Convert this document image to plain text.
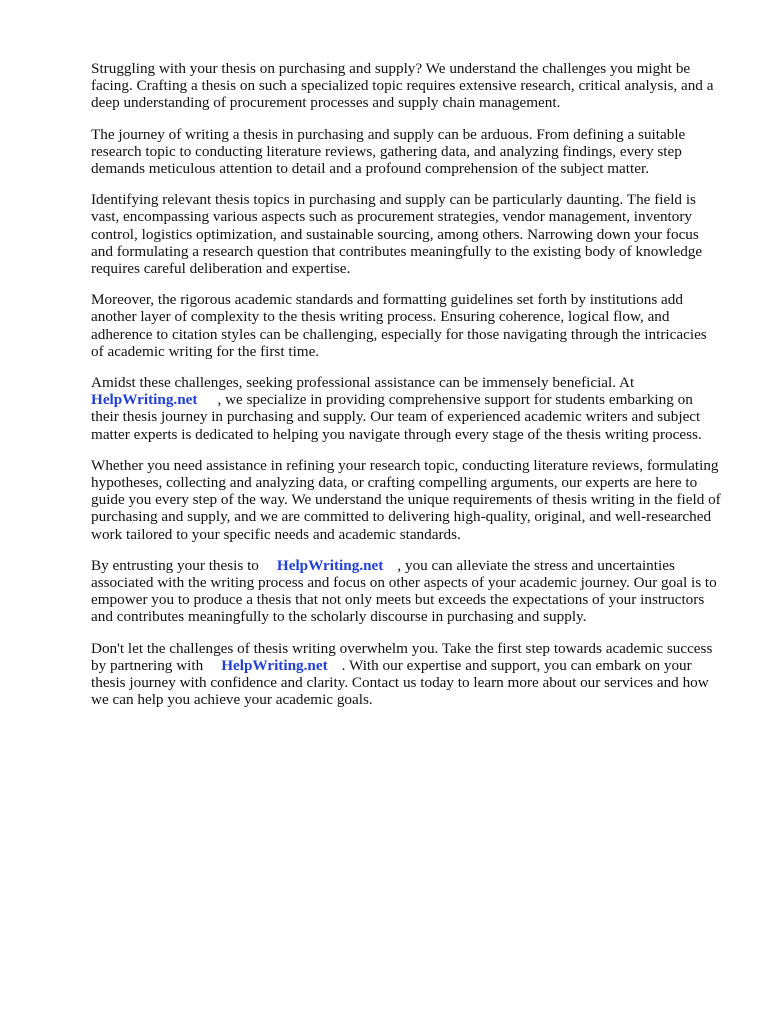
Struggling with your thesis on purchasing and supply? We understand the challenges you might be facing. Crafting a thesis on such a specialized topic requires extensive research, critical analysis, and a deep understanding of procurement processes and supply chain management.

The journey of writing a thesis in purchasing and supply can be arduous. From defining a suitable research topic to conducting literature reviews, gathering data, and analyzing findings, every step demands meticulous attention to detail and a profound comprehension of the subject matter.

Identifying relevant thesis topics in purchasing and supply can be particularly daunting. The field is vast, encompassing various aspects such as procurement strategies, vendor management, inventory control, logistics optimization, and sustainable sourcing, among others. Narrowing down your focus and formulating a research question that contributes meaningfully to the existing body of knowledge requires careful deliberation and expertise.

Moreover, the rigorous academic standards and formatting guidelines set forth by institutions add another layer of complexity to the thesis writing process. Ensuring coherence, logical flow, and adherence to citation styles can be challenging, especially for those navigating through the intricacies of academic writing for the first time.

Amidst these challenges, seeking professional assistance can be immensely beneficial. At
HelpWriting.net , we specialize in providing comprehensive support for students embarking on their thesis journey in purchasing and supply. Our team of experienced academic writers and subject matter experts is dedicated to helping you navigate through every stage of the thesis writing process.

Whether you need assistance in refining your research topic, conducting literature reviews, formulating hypotheses, collecting and analyzing data, or crafting compelling arguments, our experts are here to guide you every step of the way. We understand the unique requirements of thesis writing in the field of purchasing and supply, and we are committed to delivering high-quality, original, and well-researched work tailored to your specific needs and academic standards.

By entrusting your thesis to HelpWriting.net , you can alleviate the stress and uncertainties associated with the writing process and focus on other aspects of your academic journey. Our goal is to empower you to produce a thesis that not only meets but exceeds the expectations of your instructors and contributes meaningfully to the scholarly discourse in purchasing and supply.

Don't let the challenges of thesis writing overwhelm you. Take the first step towards academic success by partnering with HelpWriting.net . With our expertise and support, you can embark on your thesis journey with confidence and clarity. Contact us today to learn more about our services and how we can help you achieve your academic goals.
